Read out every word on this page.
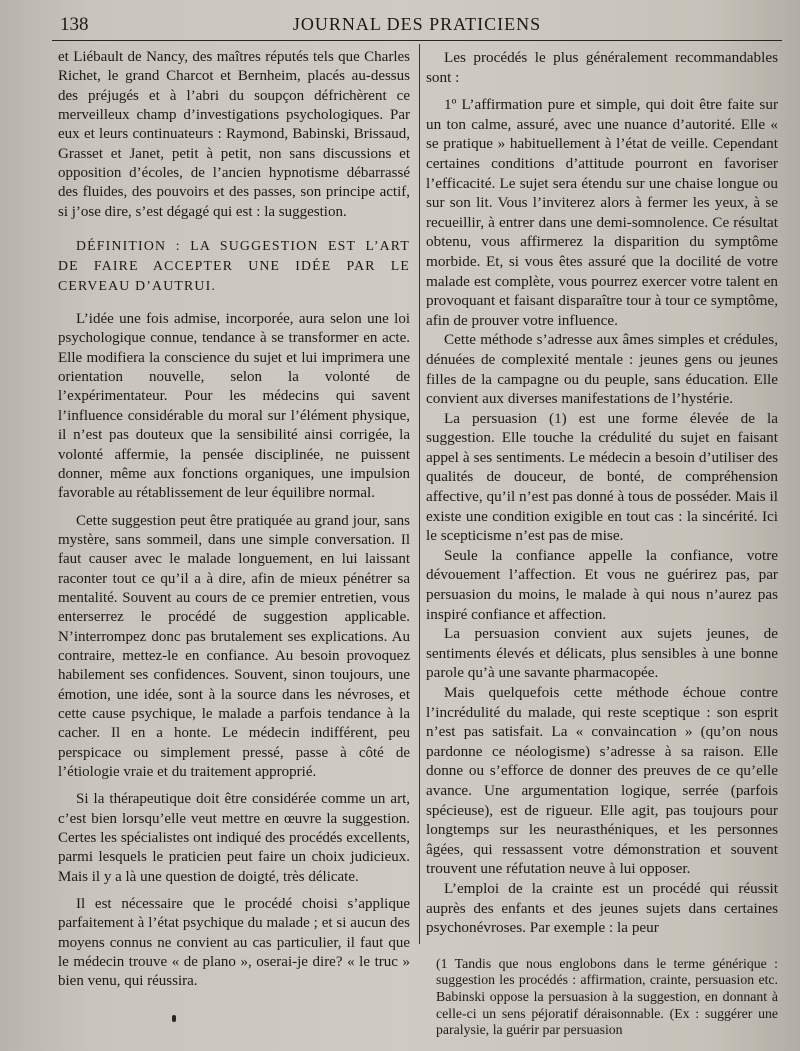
138	JOURNAL DES PRATICIENS

et Liébault de Nancy, des maîtres réputés tels que Charles Richet, le grand Charcot et Bernheim, placés au-dessus des préjugés et à l’abri du soupçon défrichèrent ce merveilleux champ d’investigations psychologiques. Par eux et leurs continuateurs : Raymond, Babinski, Brissaud, Grasset et Janet, petit à petit, non sans discussions et opposition d’écoles, de l’ancien hypnotisme débarrassé des fluides, des pouvoirs et des passes, son principe actif, si j’ose dire, s’est dégagé qui est : la suggestion.

DÉFINITION : LA SUGGESTION EST L’ART DE FAIRE ACCEPTER UNE IDÉE PAR LE CERVEAU D’AUTRUI.

L’idée une fois admise, incorporée, aura selon une loi psychologique connue, tendance à se transformer en acte. Elle modifiera la conscience du sujet et lui imprimera une orientation nouvelle, selon la volonté de l’expérimentateur. Pour les médecins qui savent l’influence considérable du moral sur l’élément physique, il n’est pas douteux que la sensibilité ainsi corrigée, la volonté affermie, la pensée disciplinée, ne puissent donner, même aux fonctions organiques, une impulsion favorable au rétablissement de leur équilibre normal.

Cette suggestion peut être pratiquée au grand jour, sans mystère, sans sommeil, dans une simple conversation. Il faut causer avec le malade longuement, en lui laissant raconter tout ce qu’il a à dire, afin de mieux pénétrer sa mentalité. Souvent au cours de ce premier entretien, vous enterserrez le procédé de suggestion applicable. N’interrompez donc pas brutalement ses explications. Au contraire, mettez-le en confiance. Au besoin provoquez habilement ses confidences. Souvent, sinon toujours, une émotion, une idée, sont à la source dans les névroses, et cette cause psychique, le malade a parfois tendance à la cacher. Il en a honte. Le médecin indifférent, peu perspicace ou simplement pressé, passe à côté de l’étiologie vraie et du traitement approprié.

Si la thérapeutique doit être considérée comme un art, c’est bien lorsqu’elle veut mettre en œuvre la suggestion. Certes les spécialistes ont indiqué des procédés excellents, parmi lesquels le praticien peut faire un choix judicieux. Mais il y a là une question de doigté, très délicate.

Il est nécessaire que le procédé choisi s’applique parfaitement à l’état psychique du malade ; et si aucun des moyens connus ne convient au cas particulier, il faut que le médecin trouve « de plano », oserai-je dire? « le truc » bien venu, qui réussira.

Les procédés le plus généralement recommandables sont :

1º L’affirmation pure et simple, qui doit être faite sur un ton calme, assuré, avec une nuance d’autorité. Elle « se pratique » habituellement à l’état de veille. Cependant certaines conditions d’attitude pourront en favoriser l’efficacité. Le sujet sera étendu sur une chaise longue ou sur son lit. Vous l’inviterez alors à fermer les yeux, à se recueillir, à entrer dans une demi-somnolence. Ce résultat obtenu, vous affirmerez la disparition du symptôme morbide. Et, si vous êtes assuré que la docilité de votre malade est complète, vous pourrez exercer votre talent en provoquant et faisant disparaître tour à tour ce symptôme, afin de prouver votre influence.

Cette méthode s’adresse aux âmes simples et crédules, dénuées de complexité mentale : jeunes gens ou jeunes filles de la campagne ou du peuple, sans éducation. Elle convient aux diverses manifestations de l’hystérie.

La persuasion (1) est une forme élevée de la suggestion. Elle touche la crédulité du sujet en faisant appel à ses sentiments. Le médecin a besoin d’utiliser des qualités de douceur, de bonté, de compréhension affective, qu’il n’est pas donné à tous de posséder. Mais il existe une condition exigible en tout cas : la sincérité. Ici le scepticisme n’est pas de mise.

Seule la confiance appelle la confiance, votre dévouement l’affection. Et vous ne guérirez pas, par persuasion du moins, le malade à qui nous n’aurez pas inspiré confiance et affection.

La persuasion convient aux sujets jeunes, de sentiments élevés et délicats, plus sensibles à une bonne parole qu’à une savante pharmacopée.

Mais quelquefois cette méthode échoue contre l’incrédulité du malade, qui reste sceptique : son esprit n’est pas satisfait. La « convaincation » (qu’on nous pardonne ce néologisme) s’adresse à sa raison. Elle donne ou s’efforce de donner des preuves de ce qu’elle avance. Une argumentation logique, serrée (parfois spécieuse), est de rigueur. Elle agit, pas toujours pour longtemps sur les neurasthéniques, et les personnes âgées, qui ressassent votre démonstration et souvent trouvent une réfutation neuve à lui opposer.

L’emploi de la crainte est un procédé qui réussit auprès des enfants et des jeunes sujets dans certaines psychonévroses. Par exemple : la peur

(1 Tandis que nous englobons dans le terme générique : suggestion les procédés : affirmation, crainte, persuasion etc. Babinski oppose la persuasion à la suggestion, en donnant à celle-ci un sens péjoratif déraisonnable. (Ex : suggérer une paralysie, la guérir par persuasion
